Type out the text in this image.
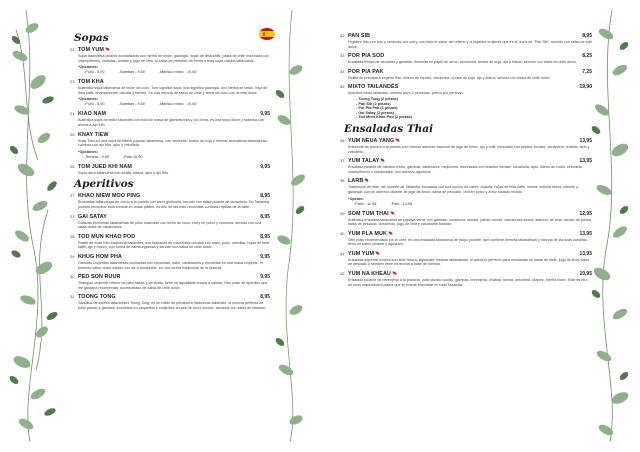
Sopas
22 TOM YUM
Sopa tailandesa picante aromatizada con hierba de limón, galangal, hojas de lima kaffir, pasta de chile mezclada con champiñones, chalotas, tomate y jugo de lima. la salsa de pescado da forma a esta sopa clásica tailandesa.
*Opciones:
-Pollo - 6,90	-Gambas - 9,50	-Marisco mixto - 10,50
23 TOM KHA
Auténtica sopa tailandesa de leche de coco, Tom significa sopa, kha significa galangal, con hierba de limón, hoja de lima kaffir, champiñones, cebolla y tomate. Es una mezcla de sabor de chile y leche de coco con aroma dulce.
*Opciones:
-Pollo - 6,90	-Gambas - 9,50	-Marisco mixto - 10,50
24 KIAO NAM	9,95
Auténtica sopa de estilo tailandés con bola de masa de gambas frita y col china, es una sopa dulce y sabrosa con aroma a ajo frito.
25 KNAY TIEW
Kuay Tiew es una sopa de fideos popular tailandesa, con verduras, brotes de soja y hierbas aromáticas tailandesas, cubierta con ajo frito, apio y cebolleta.
*Opciones:
-Ternera - 9,95	-Pato 10,50
26 TOM JUED KHI NAM	9,95
Sopa clara tailandesa con tortilla, fideos, apio y ajo frito.
Aperitivos
27 KHAO NIEW MOO PING	8,95
Brochetas tailandesas de cerdo a la parrilla con arroz glutinoso, servido con salsa picante de tamarindo. En Tailandia puedes encontrar esta comida en todas partes, es uno de las más conocidas comidas rápidas de la calle.
27 GAI SATAY	8,95
Clásicas brochetas tailandesas de pollo marinado con leche de coco, curry en polvo y cúrcuma, servido con una salsa dulce de cacahuetes.
28 TOD MUN KHAO POD	8,95
Pastel de maíz frito tradicional tailandés, son buñuelos de maíz fritos cocidos con maíz, pollo, cebollas, hojas de lima kaffir, ajo y huevo, con forma de hamburguesas y servido con salsa de chile dulce.
29 KHUG HOM PHA	9,95
Gambas crujientes tailandesas cocinadas con escuridas, nabo, cacahuetes y envueltas en una masa crujiente, el perfecto sabor dulce salado con otr a cacahuete, es una receta tradicional de la realeza.
30 PED SON RUUR	9,95
Triángulo crujiente relleno de pato asado y verduras, tiene un agradable aroma a canela. Otro plato de aperitivo que me gustaría recomendar, acompañado de salsa de chile dulce.
31 TOONG TONG	8,95
Saquitos de sobres tailandeses Toong Tong, es un rollito de primavera tradicional tailandés, la mezcla perfecta de pollo picado y gambas, envueltos en pequeños y crujientes crepes de arroz dorado, servidos con salsa de ciruelas.
32 PAN SIB	8,95
Hojaldre frito con tofu y verduras con curry, con todo el sabor del relleno y el hojaldre crujiente que es el único de "Pan Sib", servido con salsa de chili dulce.
33 POR PIA SOD	8,25
Ensalada fresca de verduras y gambas, envuelta en papel de arroz, zanahoria, brotes de soja, ajo y fideos, servido con salsa de chile dulce.
34 POR PIA PAK	7,25
Rollito de primavera vegetal frito, relleno de repollo, zanahoria, brotes de soja, ajo y fideos, servido con salsa de chile dulce.
35 MIXTO TAILANDÉS	19,90
Aperitivo mixto tailandés, mínimo para 2 personas, precio por persona.
- Toong Tong (2 piezas)
- Pan Sib (2 piezas)
- Por Pia Pak (2 piezas)
- Gai Satay (2 piezas)
- Tod Mum Khao Pod (2 piezas)
Ensaladas Thai
36 YUM NEUA YANG	13,95
Entrecote de ternera a la parrilla con nuestro aderezo especial de jugo de limón, ajo y chili, mezclado con pepino, tomate, zanahoria, chalota, apio y cebolleta.
37 YUM TALAY	13,95
Ensalada picante de marisco mixto, gambas, calamares, mejillones, mezclados con chalota, tomate, zanahoria, apio, fideos de vidrio, cebolleta, champiñones y cacahuetes, con aderezo agridulce.
38 LARB
Tradicional de Isan, del noreste de Tailandia, ensalada con una opción de carne, chalota, hojas de lima kaffir, menta, cebolla tierna, cilantro y galangal, con un aderezo picante de jugo de limón, salsa de pescado, chili en polvo y arroz tostado molido.
*Opción:
-Pollo - 11,95	-Pato - 13,95
39 SOM TUM THAI	12,95
Auténtica ensalada tailandesa de papaya verde con gambas, zanahoria, tomate, judías verdes, camarones secos, aderezo de lima, azúcar de palma, salsa de pescado, tamarindo, jugo de lima y cacahuete tostado.
40 YUM PLA MUK	13,95
Otro plato recomendado por el chef, es una ensalada tailandesa de pulpo picante, que contiene hierbas tailandesas y mezcla de las islas canarias, tiene un sabor picante y agridulce.
41 YUM YUM	13,95
Ensalada especial exótica con atún fresco, aguacate, hierbas tailandesas, el aderezo perfecto para ensaladas de pasta de chile, jugo de lima, salsa de pescado y también tiene un aroma a base de hierbas.
42 YUM NA KHEAU	10,95
Ensalada picante de berenjena a la plancha, pollo picado cocido, gambas, berenjena, chalota, menta, cebolleta, cilantro, hierba limón. Este es otro de esos maravillosos platos que se puede encontrar en toda Tailandia.
